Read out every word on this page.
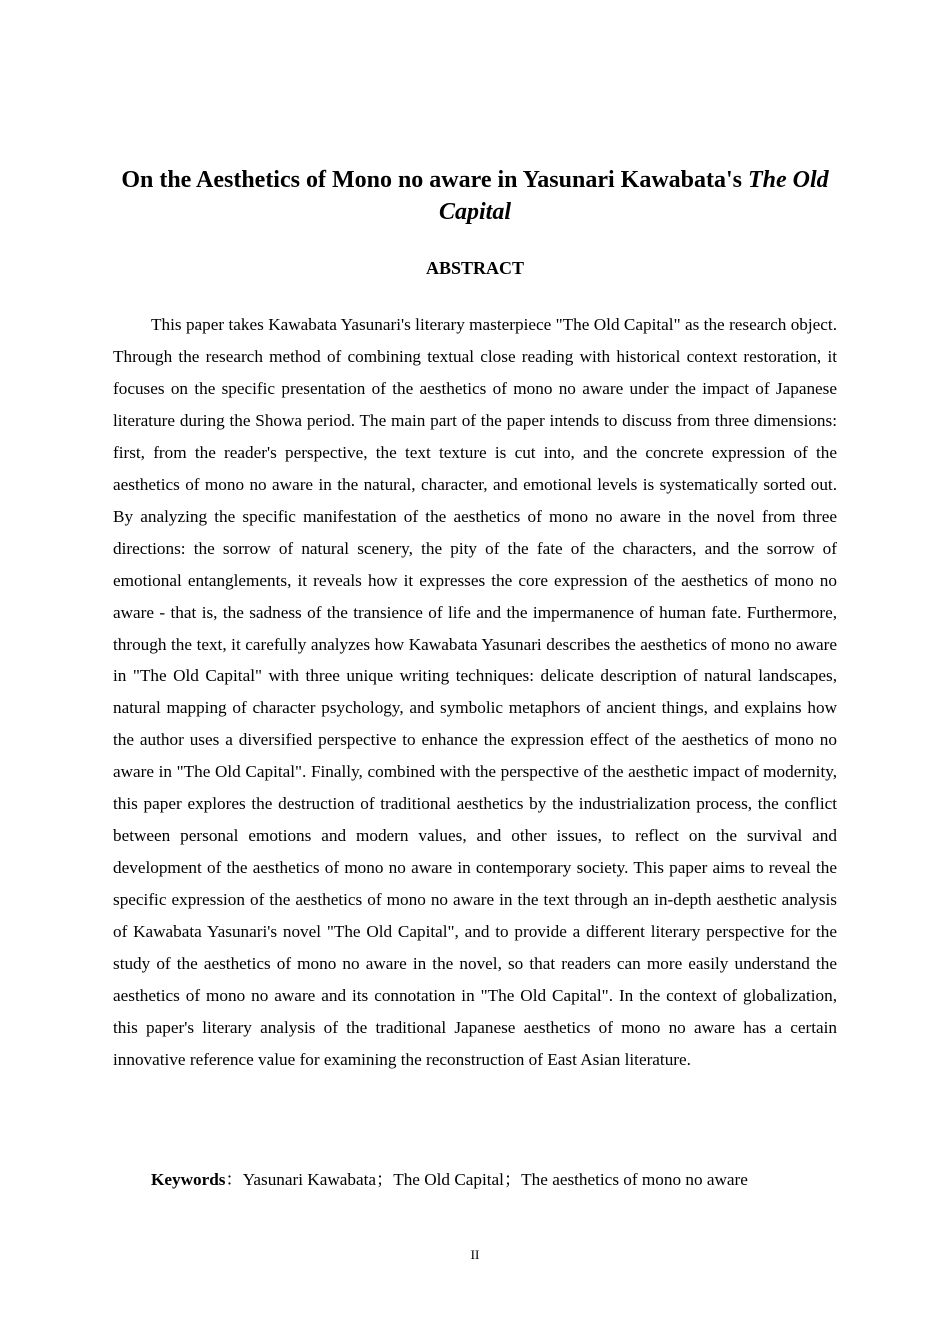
On the Aesthetics of Mono no aware in Yasunari Kawabata's The Old Capital
ABSTRACT

This paper takes Kawabata Yasunari's literary masterpiece "The Old Capital" as the research object. Through the research method of combining textual close reading with historical context restoration, it focuses on the specific presentation of the aesthetics of mono no aware under the impact of Japanese literature during the Showa period. The main part of the paper intends to discuss from three dimensions: first, from the reader's perspective, the text texture is cut into, and the concrete expression of the aesthetics of mono no aware in the natural, character, and emotional levels is systematically sorted out. By analyzing the specific manifestation of the aesthetics of mono no aware in the novel from three directions: the sorrow of natural scenery, the pity of the fate of the characters, and the sorrow of emotional entanglements, it reveals how it expresses the core expression of the aesthetics of mono no aware - that is, the sadness of the transience of life and the impermanence of human fate. Furthermore, through the text, it carefully analyzes how Kawabata Yasunari describes the aesthetics of mono no aware in "The Old Capital" with three unique writing techniques: delicate description of natural landscapes, natural mapping of character psychology, and symbolic metaphors of ancient things, and explains how the author uses a diversified perspective to enhance the expression effect of the aesthetics of mono no aware in "The Old Capital". Finally, combined with the perspective of the aesthetic impact of modernity, this paper explores the destruction of traditional aesthetics by the industrialization process, the conflict between personal emotions and modern values, and other issues, to reflect on the survival and development of the aesthetics of mono no aware in contemporary society. This paper aims to reveal the specific expression of the aesthetics of mono no aware in the text through an in-depth aesthetic analysis of Kawabata Yasunari's novel "The Old Capital", and to provide a different literary perspective for the study of the aesthetics of mono no aware in the novel, so that readers can more easily understand the aesthetics of mono no aware and its connotation in "The Old Capital". In the context of globalization, this paper's literary analysis of the traditional Japanese aesthetics of mono no aware has a certain innovative reference value for examining the reconstruction of East Asian literature.

Keywords：Yasunari Kawabata；The Old Capital；The aesthetics of mono no aware

II
